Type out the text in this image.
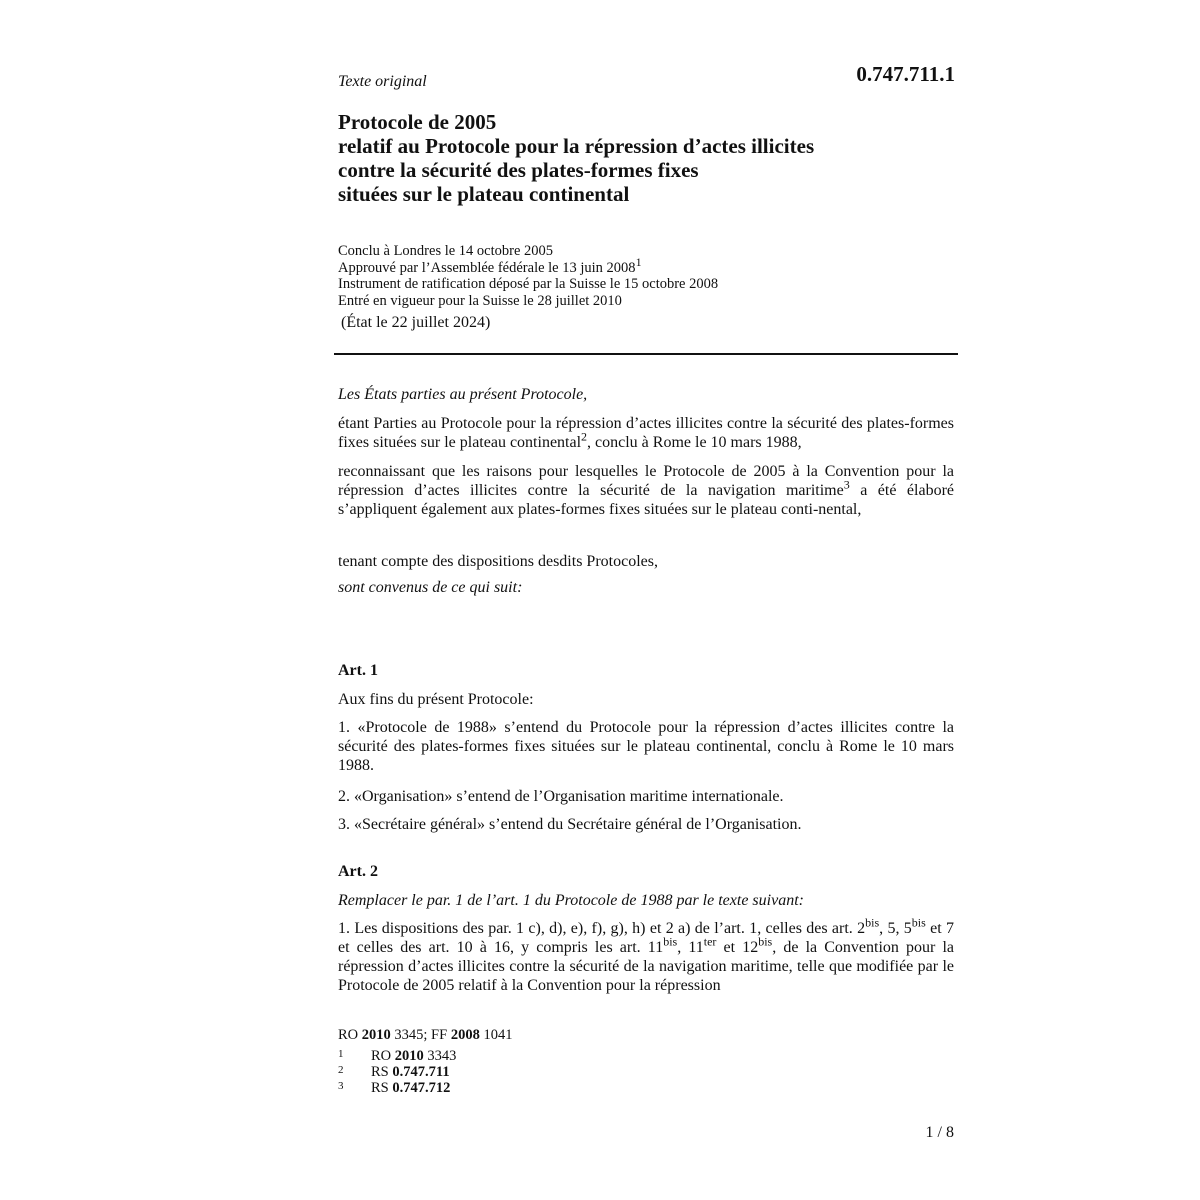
Texte original	0.747.711.1
Protocole de 2005
relatif au Protocole pour la répression d’actes illicites
contre la sécurité des plates-formes fixes
situées sur le plateau continental
Conclu à Londres le 14 octobre 2005
Approuvé par l’Assemblée fédérale le 13 juin 2008$^1$
Instrument de ratification déposé par la Suisse le 15 octobre 2008
Entré en vigueur pour la Suisse le 28 juillet 2010
(État le 22 juillet 2024)

Les États parties au présent Protocole,

étant Parties au Protocole pour la répression d’actes illicites contre la sécurité des plates-formes fixes situées sur le plateau continental$^2$, conclu à Rome le 10 mars 1988,

reconnaissant que les raisons pour lesquelles le Protocole de 2005 à la Convention pour la répression d’actes illicites contre la sécurité de la navigation maritime$^3$ a été élaboré s’appliquent également aux plates-formes fixes situées sur le plateau conti-nental,

tenant compte des dispositions desdits Protocoles,

sont convenus de ce qui suit:

Art. 1

Aux fins du présent Protocole:

1. «Protocole de 1988» s’entend du Protocole pour la répression d’actes illicites contre la sécurité des plates-formes fixes situées sur le plateau continental, conclu à Rome le 10 mars 1988.

2. «Organisation» s’entend de l’Organisation maritime internationale.

3. «Secrétaire général» s’entend du Secrétaire général de l’Organisation.

Art. 2

Remplacer le par. 1 de l’art. 1 du Protocole de 1988 par le texte suivant:

1. Les dispositions des par. 1 c), d), e), f), g), h) et 2 a) de l’art. 1, celles des art. $2^{bis}$, 5, $5^{bis}$ et 7 et celles des art. 10 à 16, y compris les art. $11^{bis}$, $11^{ter}$ et $12^{bis}$, de la Convention pour la répression d’actes illicites contre la sécurité de la navigation maritime, telle que modifiée par le Protocole de 2005 relatif à la Convention pour la répression

RO 2010 3345; FF 2008 1041
1 RO 2010 3343
2 RS 0.747.711
3 RS 0.747.712
1 / 8
